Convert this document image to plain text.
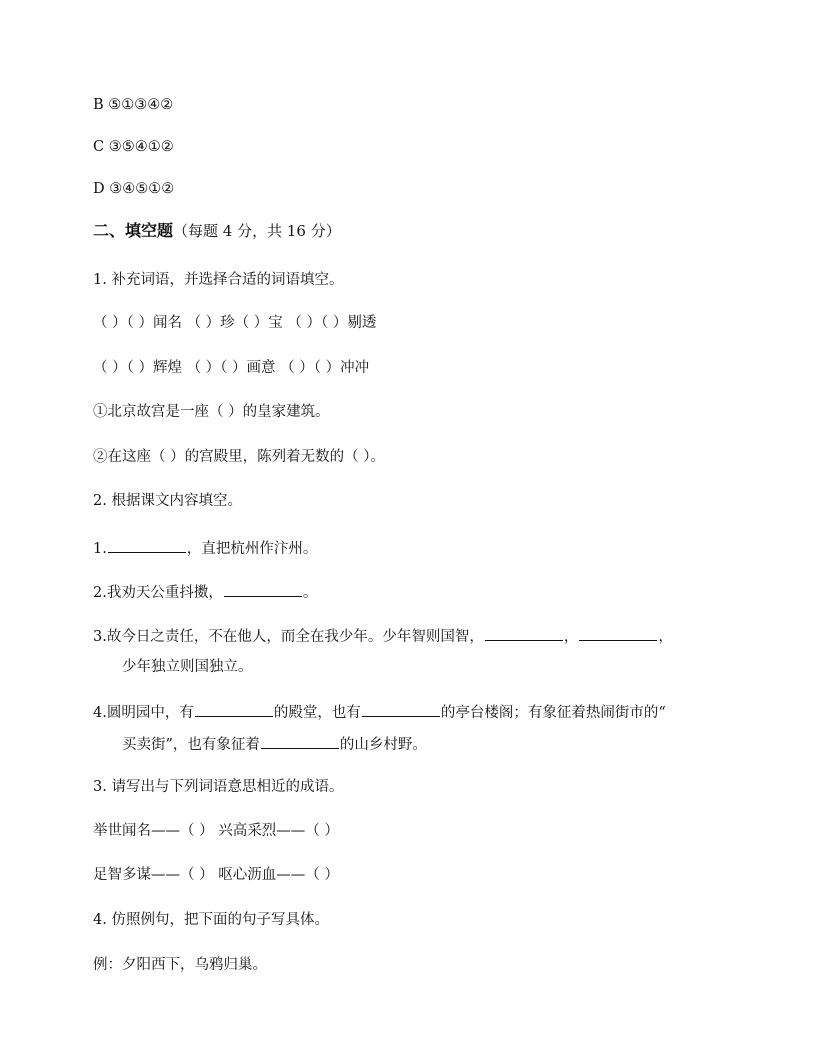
B ⑤①③④②
C ③⑤④①②
D ③④⑤①②
二、填空题（每题 4 分，共 16 分）
1. 补充词语，并选择合适的词语填空。
（ ）（ ）闻名 （ ）珍（ ）宝 （ ）（ ）剔透
（ ）（ ）辉煌 （ ）（ ）画意 （ ）（ ）冲冲
①北京故宫是一座（ ）的皇家建筑。
②在这座（ ）的宫殿里，陈列着无数的（ ）。
2. 根据课文内容填空。
1.	，直把杭州作汴州。
2.我劝天公重抖擞，	。
3.故今日之责任，不在他人，而全在我少年。少年智则国智，	，	，
少年独立则国独立。
4.圆明园中，有	的殿堂，也有	的亭台楼阁；有象征着热闹街市的“
买卖街”，也有象征着	的山乡村野。
3. 请写出与下列词语意思相近的成语。
举世闻名——（ ） 兴高采烈——（ ）
足智多谋——（ ） 呕心沥血——（ ）
4. 仿照例句，把下面的句子写具体。
例：夕阳西下，乌鸦归巢。
